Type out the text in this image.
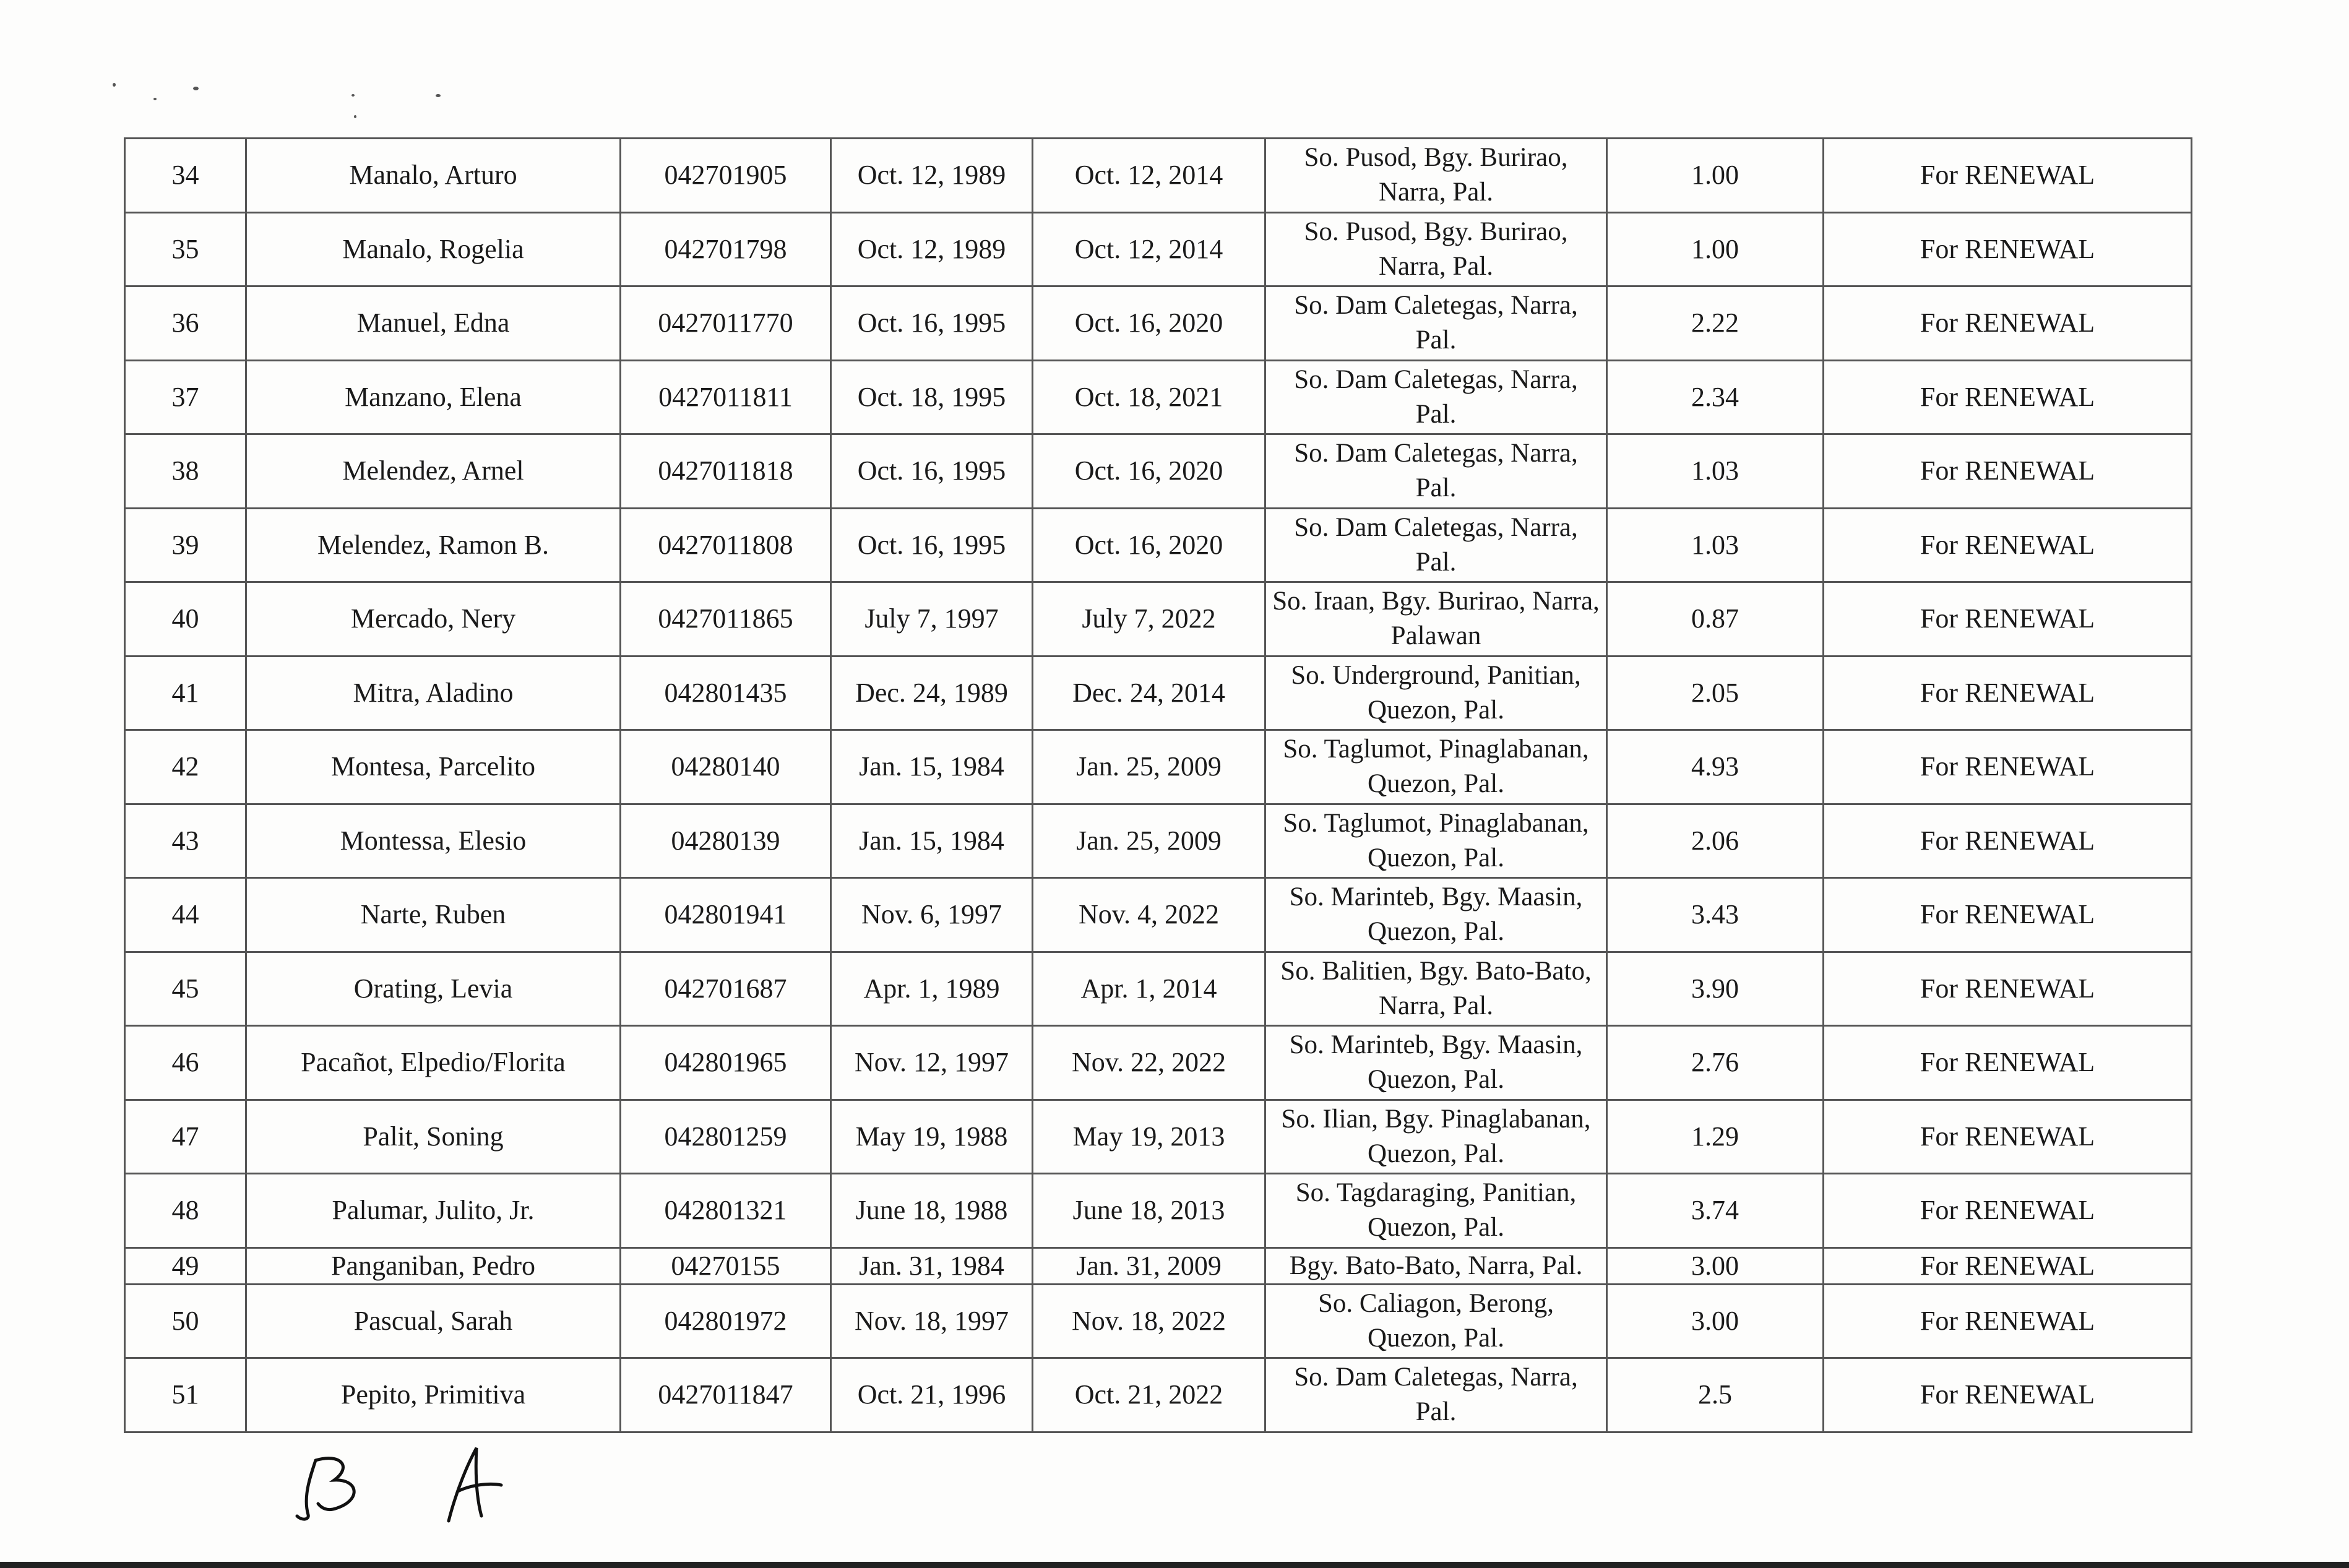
34	Manalo, Arturo	042701905	Oct. 12, 1989	Oct. 12, 2014	So. Pusod, Bgy. Burirao, Narra, Pal.	1.00	For RENEWAL
35	Manalo, Rogelia	042701798	Oct. 12, 1989	Oct. 12, 2014	So. Pusod, Bgy. Burirao, Narra, Pal.	1.00	For RENEWAL
36	Manuel, Edna	0427011770	Oct. 16, 1995	Oct. 16, 2020	So. Dam Caletegas, Narra, Pal.	2.22	For RENEWAL
37	Manzano, Elena	0427011811	Oct. 18, 1995	Oct. 18, 2021	So. Dam Caletegas, Narra, Pal.	2.34	For RENEWAL
38	Melendez, Arnel	0427011818	Oct. 16, 1995	Oct. 16, 2020	So. Dam Caletegas, Narra, Pal.	1.03	For RENEWAL
39	Melendez, Ramon B.	0427011808	Oct. 16, 1995	Oct. 16, 2020	So. Dam Caletegas, Narra, Pal.	1.03	For RENEWAL
40	Mercado, Nery	0427011865	July 7, 1997	July 7, 2022	So. Iraan, Bgy. Burirao, Narra, Palawan	0.87	For RENEWAL
41	Mitra, Aladino	042801435	Dec. 24, 1989	Dec. 24, 2014	So. Underground, Panitian, Quezon, Pal.	2.05	For RENEWAL
42	Montesa, Parcelito	04280140	Jan. 15, 1984	Jan. 25, 2009	So. Taglumot, Pinaglabanan, Quezon, Pal.	4.93	For RENEWAL
43	Montessa, Elesio	04280139	Jan. 15, 1984	Jan. 25, 2009	So. Taglumot, Pinaglabanan, Quezon, Pal.	2.06	For RENEWAL
44	Narte, Ruben	042801941	Nov. 6, 1997	Nov. 4, 2022	So. Marinteb, Bgy. Maasin, Quezon, Pal.	3.43	For RENEWAL
45	Orating, Levia	042701687	Apr. 1, 1989	Apr. 1, 2014	So. Balitien, Bgy. Bato-Bato, Narra, Pal.	3.90	For RENEWAL
46	Pacañot, Elpedio/Florita	042801965	Nov. 12, 1997	Nov. 22, 2022	So. Marinteb, Bgy. Maasin, Quezon, Pal.	2.76	For RENEWAL
47	Palit, Soning	042801259	May 19, 1988	May 19, 2013	So. Ilian, Bgy. Pinaglabanan, Quezon, Pal.	1.29	For RENEWAL
48	Palumar, Julito, Jr.	042801321	June 18, 1988	June 18, 2013	So. Tagdaraging, Panitian, Quezon, Pal.	3.74	For RENEWAL
49	Panganiban, Pedro	04270155	Jan. 31, 1984	Jan. 31, 2009	Bgy. Bato-Bato, Narra, Pal.	3.00	For RENEWAL
50	Pascual, Sarah	042801972	Nov. 18, 1997	Nov. 18, 2022	So. Caliagon, Berong, Quezon, Pal.	3.00	For RENEWAL
51	Pepito, Primitiva	0427011847	Oct. 21, 1996	Oct. 21, 2022	So. Dam Caletegas, Narra, Pal.	2.5	For RENEWAL
